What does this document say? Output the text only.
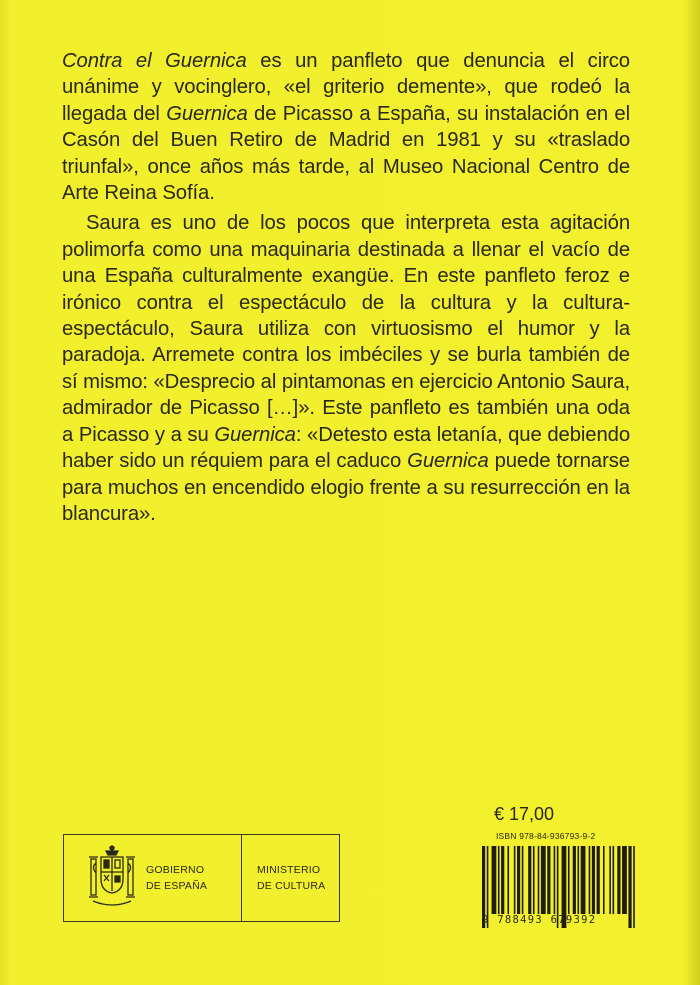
Contra el Guernica es un panfleto que denuncia el circo unánime y vocinglero, «el griterio demente», que rodeó la llegada del Guernica de Picasso a España, su instalación en el Casón del Buen Retiro de Madrid en 1981 y su «traslado triunfal», once años más tarde, al Museo Nacional Centro de Arte Reina Sofía.

Saura es uno de los pocos que interpreta esta agitación polimorfa como una maquinaria destinada a llenar el vacío de una España culturalmente exangüe. En este panfleto feroz e irónico contra el espectáculo de la cultura y la cultura-espectáculo, Saura utiliza con virtuosismo el humor y la paradoja. Arremete contra los imbéciles y se burla también de sí mismo: «Desprecio al pintamonas en ejercicio Antonio Saura, admirador de Picasso […]». Este panfleto es también una oda a Picasso y a su Guernica: «Detesto esta letanía, que debiendo haber sido un réquiem para el caduco Guernica puede tornarse para muchos en encendido elogio frente a su resurrección en la blancura».

GOBIERNO
DE ESPAÑA
MINISTERIO
DE CULTURA
€ 17,00
ISBN 978-84-936793-9-2
9 788493 679392
